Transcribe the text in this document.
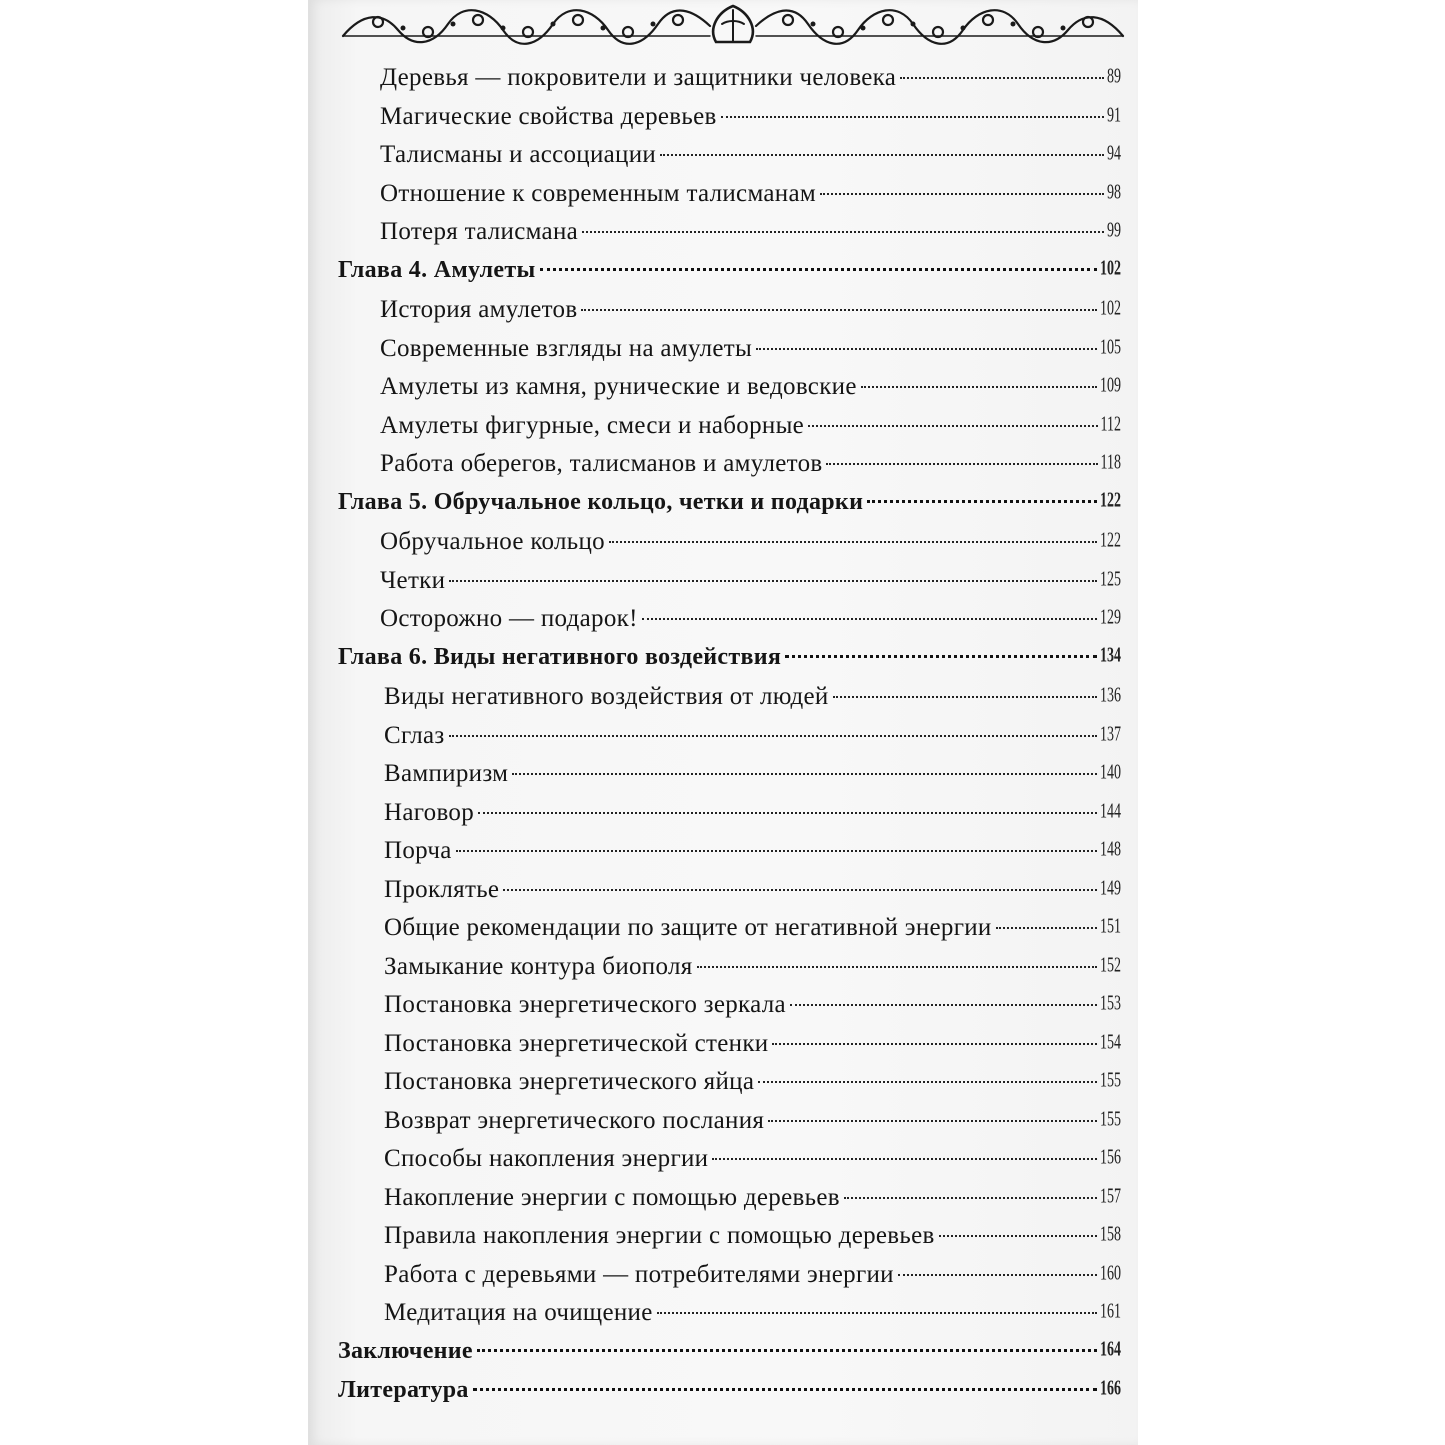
Деревья — покровители и защитники человека	89
Магические свойства деревьев	91
Талисманы и ассоциации	94
Отношение к современным талисманам	98
Потеря талисмана	99
Глава 4. Амулеты	102
История амулетов	102
Современные взгляды на амулеты	105
Амулеты из камня, рунические и ведовские	109
Амулеты фигурные, смеси и наборные	112
Работа оберегов, талисманов и амулетов	118
Глава 5. Обручальное кольцо, четки и подарки	122
Обручальное кольцо	122
Четки	125
Осторожно — подарок!	129
Глава 6. Виды негативного воздействия	134
Виды негативного воздействия от людей	136
Сглаз	137
Вампиризм	140
Наговор	144
Порча	148
Проклятье	149
Общие рекомендации по защите от негативной энергии	151
Замыкание контура биополя	152
Постановка энергетического зеркала	153
Постановка энергетической стенки	154
Постановка энергетического яйца	155
Возврат энергетического послания	155
Способы накопления энергии	156
Накопление энергии с помощью деревьев	157
Правила накопления энергии с помощью деревьев	158
Работа с деревьями — потребителями энергии	160
Медитация на очищение	161
Заключение	164
Литература	166
